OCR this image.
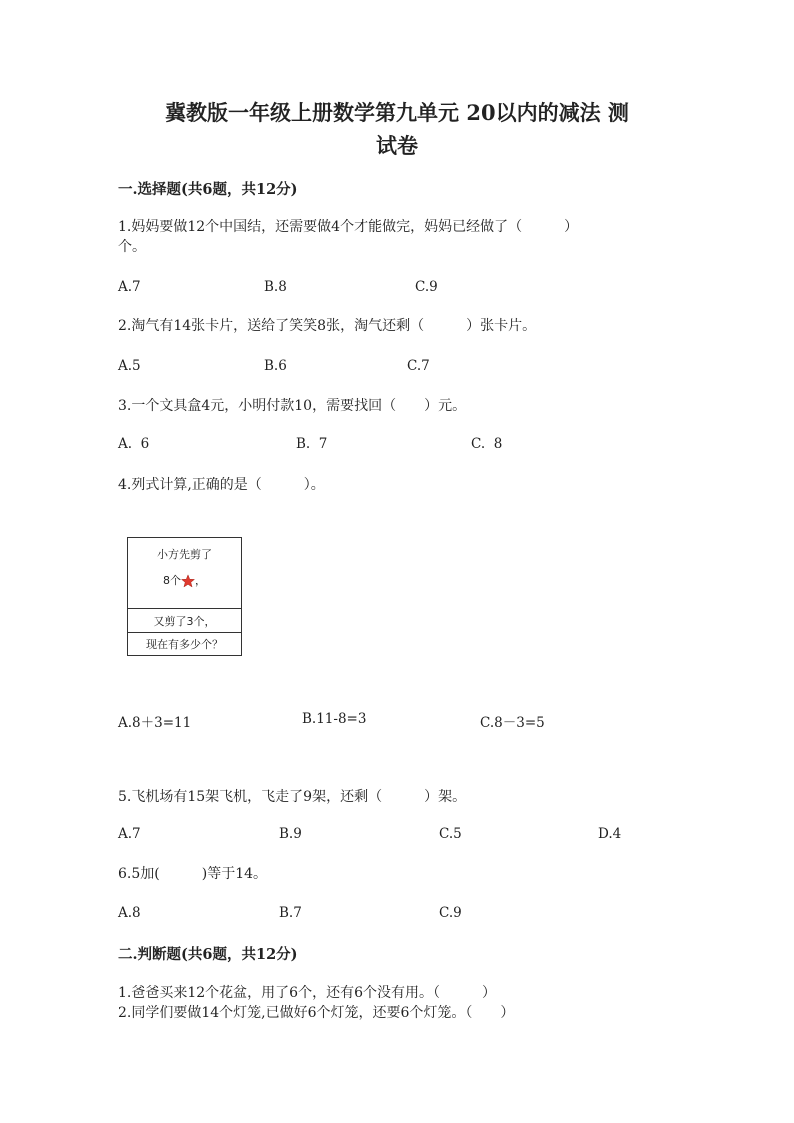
冀教版一年级上册数学第九单元 20以内的减法 测
试卷
一.选择题(共6题，共12分)
1.妈妈要做12个中国结，还需要做4个才能做完，妈妈已经做了（　　　）
个。
A.7	B.8	C.9
2.淘气有14张卡片，送给了笑笑8张，淘气还剩（　　　）张卡片。
A.5	B.6	C.7
3.一个文具盒4元，小明付款10，需要找回（　　）元。
A.  6	B.  7	C.  8
4.列式计算,正确的是（　　　）。
小方先剪了
8个 ，
又剪了3个，
现在有多少个？
A.8＋3=11	B.11-8=3	C.8－3=5
5.飞机场有15架飞机，飞走了9架，还剩（　　　）架。
A.7	B.9	C.5	D.4
6.5加(　　　)等于14。
A.8	B.7	C.9
二.判断题(共6题，共12分)
1.爸爸买来12个花盆，用了6个，还有6个没有用。（　　　）
2.同学们要做14个灯笼,已做好6个灯笼，还要6个灯笼。（　　）
